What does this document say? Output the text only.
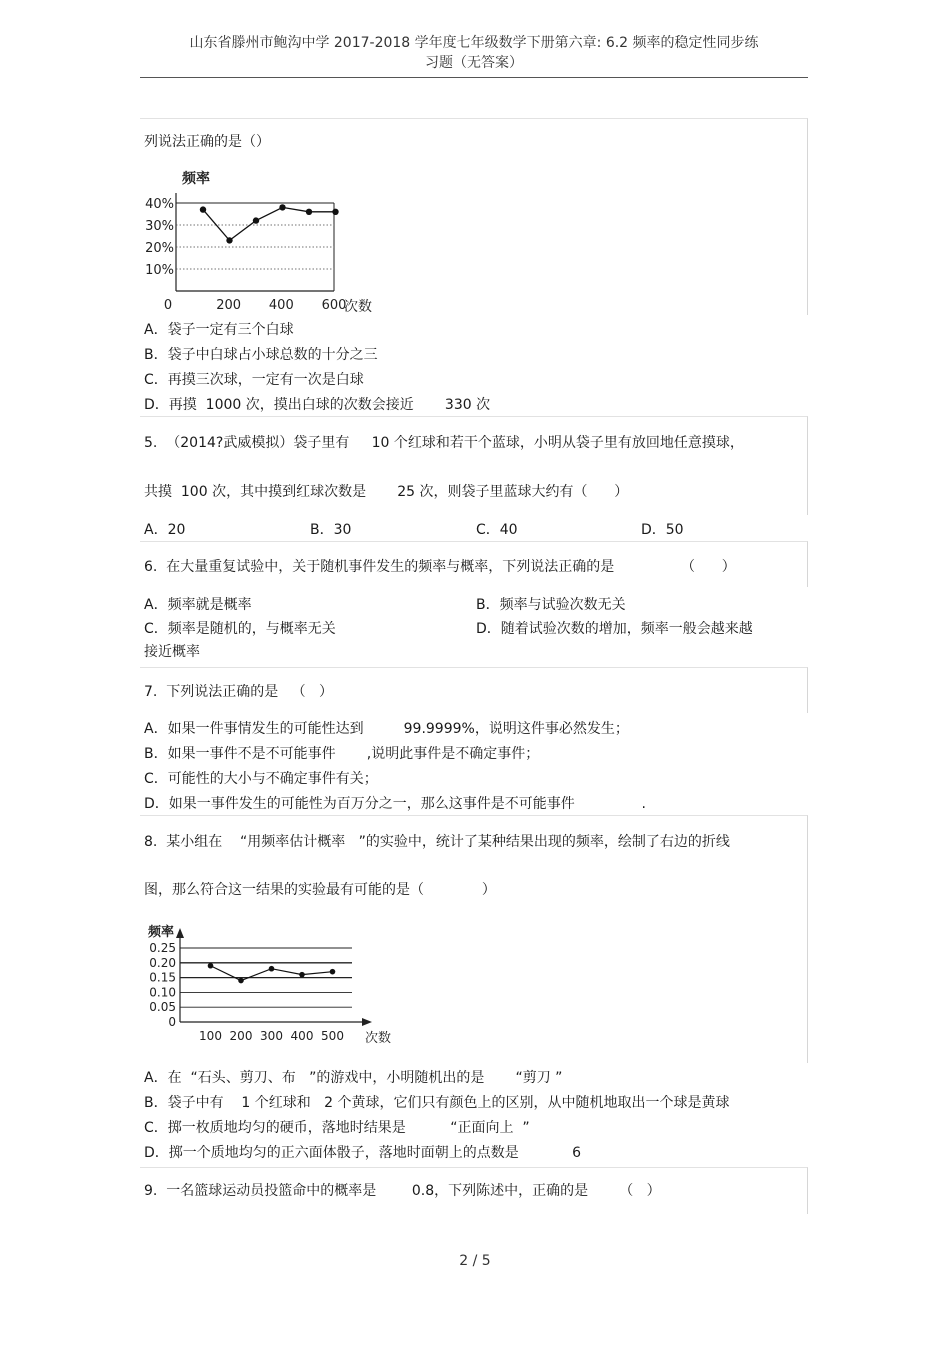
山东省滕州市鲍沟中学 2017-2018 学年度七年级数学下册第六章: 6.2 频率的稳定性同步练
习题（无答案）
列说法正确的是（）
40%
30%
20%
10%
0	200 400 600
频率
次数
A．袋子一定有三个白球
B．袋子中白球占小球总数的十分之三
C．再摸三次球，一定有一次是白球
D．再摸  1000 次，摸出白球的次数会接近       330 次
5.  （2014?武威模拟）袋子里有     10 个红球和若干个蓝球，小明从袋子里有放回地任意摸球，
共摸  100 次，其中摸到红球次数是       25 次，则袋子里蓝球大约有（      ）
A．20	B．30	C．40	D．50
6.  在大量重复试验中，关于随机事件发生的频率与概率，下列说法正确的是               （      ）
A．频率就是概率	B．频率与试验次数无关
C．频率是随机的，与概率无关	D．随着试验次数的增加，频率一般会越来越
接近概率
7.  下列说法正确的是   （   ）
A．如果一件事情发生的可能性达到         99.9999%，说明这件事必然发生；
B．如果一事件不是不可能事件       ,说明此事件是不确定事件；
C．可能性的大小与不确定事件有关；
D．如果一事件发生的可能性为百万分之一，那么这事件是不可能事件               .
8.  某小组在    “用频率估计概率   ”的实验中，统计了某种结果出现的频率，绘制了右边的折线
图，那么符合这一结果的实验最有可能的是（             ）
0.25
0.20
0.15
0.10
0.05
0
100 200 300 400 500
频率
次数
A．在  “石头、剪刀、布   ”的游戏中，小明随机出的是       “剪刀 ”
B．袋子中有    1 个红球和   2 个黄球，它们只有颜色上的区别，从中随机地取出一个球是黄球
C．掷一枚质地均匀的硬币，落地时结果是          “正面向上  ”
D．掷一个质地均匀的正六面体骰子，落地时面朝上的点数是            6
9.  一名篮球运动员投篮命中的概率是        0.8，下列陈述中，正确的是       （   ）
2 / 5
